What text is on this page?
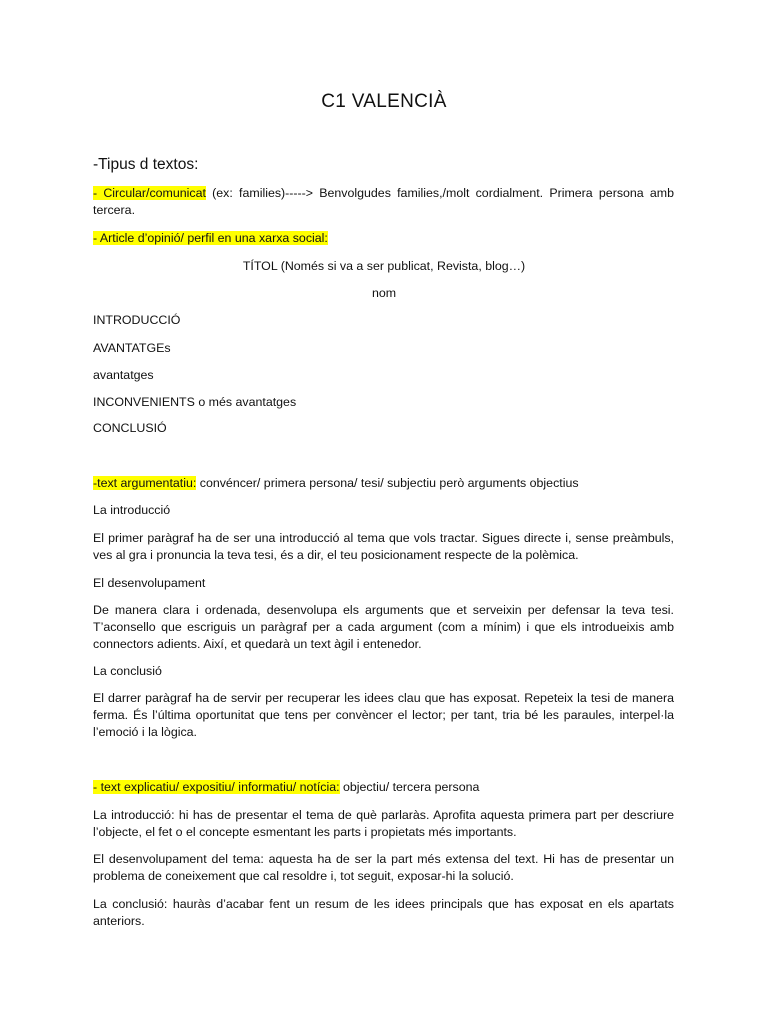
C1 VALENCIÀ
-Tipus d textos:

- Circular/comunicat (ex: families)-----> Benvolgudes families,/molt cordialment. Primera persona amb tercera.

- Article d’opinió/ perfil en una xarxa social:

TÍTOL (Només si va a ser publicat, Revista, blog…)

nom

INTRODUCCIÓ

AVANTATGEs

avantatges

INCONVENIENTS o més avantatges

CONCLUSIÓ

-text argumentatiu: convéncer/ primera persona/ tesi/ subjectiu però arguments objectius

La introducció

El primer paràgraf ha de ser una introducció al tema que vols tractar. Sigues directe i, sense preàmbuls, ves al gra i pronuncia la teva tesi, és a dir, el teu posicionament respecte de la polèmica.

El desenvolupament

De manera clara i ordenada, desenvolupa els arguments que et serveixin per defensar la teva tesi. T’aconsello que escriguis un paràgraf per a cada argument (com a mínim) i que els introdueixis amb connectors adients. Així, et quedarà un text àgil i entenedor.

La conclusió

El darrer paràgraf ha de servir per recuperar les idees clau que has exposat. Repeteix la tesi de manera ferma. És l’última oportunitat que tens per convèncer el lector; per tant, tria bé les paraules, interpel·la l’emoció i la lògica.

- text explicatiu/ expositiu/ informatiu/ notícia: objectiu/ tercera persona

La introducció: hi has de presentar el tema de què parlaràs. Aprofita aquesta primera part per descriure l’objecte, el fet o el concepte esmentant les parts i propietats més importants.

El desenvolupament del tema: aquesta ha de ser la part més extensa del text. Hi has de presentar un problema de coneixement que cal resoldre i, tot seguit, exposar-hi la solució.

La conclusió: hauràs d’acabar fent un resum de les idees principals que has exposat en els apartats anteriors.
